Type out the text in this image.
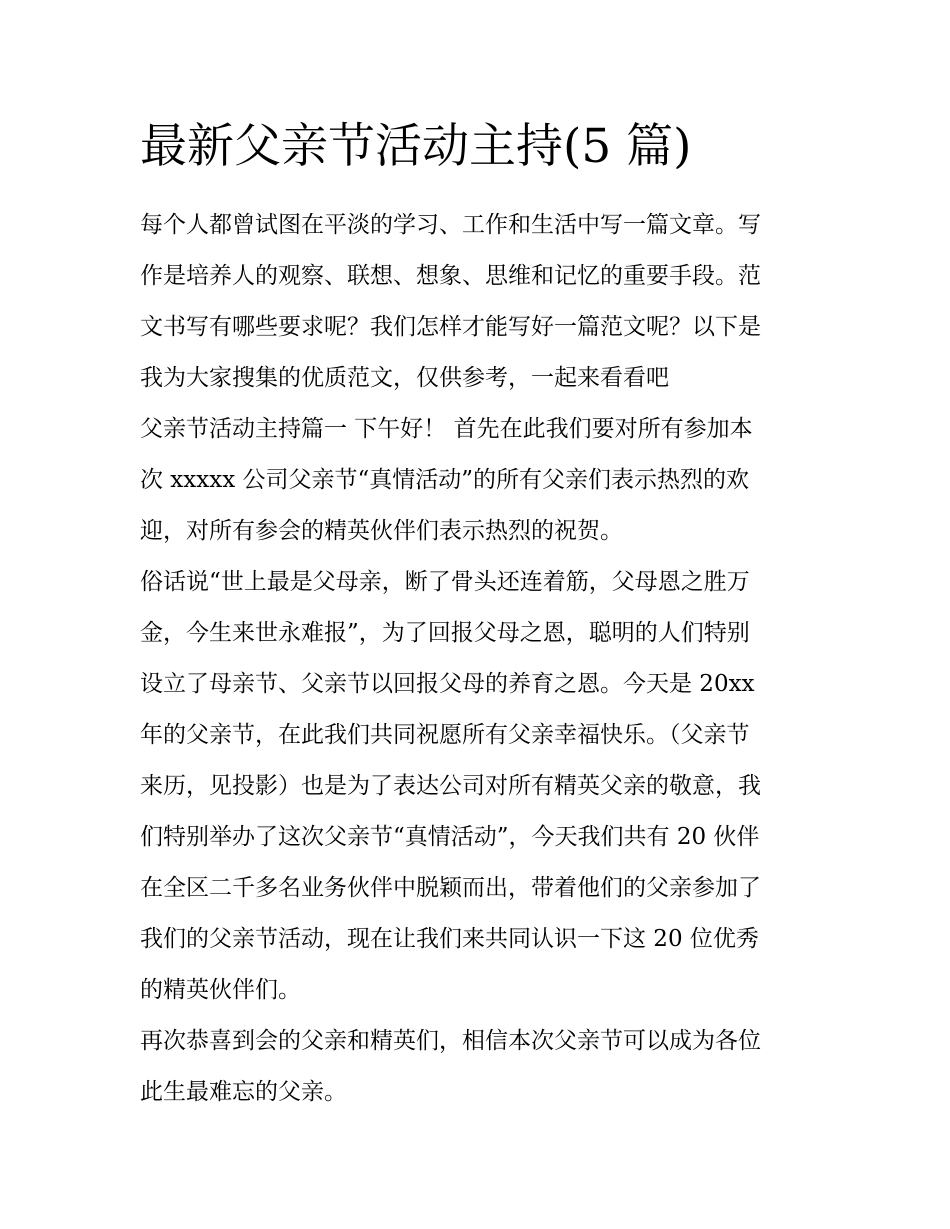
最新父亲节活动主持(5 篇)
每个人都曾试图在平淡的学习、工作和生活中写一篇文章。写
作是培养人的观察、联想、想象、思维和记忆的重要手段。范
文书写有哪些要求呢？我们怎样才能写好一篇范文呢？以下是
我为大家搜集的优质范文，仅供参考，一起来看看吧
父亲节活动主持篇一 下午好！ 首先在此我们要对所有参加本
次 xxxxx 公司父亲节“真情活动”的所有父亲们表示热烈的欢
迎，对所有参会的精英伙伴们表示热烈的祝贺。
俗话说“世上最是父母亲，断了骨头还连着筋，父母恩之胜万
金，今生来世永难报”，为了回报父母之恩，聪明的人们特别
设立了母亲节、父亲节以回报父母的养育之恩。今天是 20xx
年的父亲节，在此我们共同祝愿所有父亲幸福快乐。（父亲节
来历，见投影）也是为了表达公司对所有精英父亲的敬意，我
们特别举办了这次父亲节“真情活动”，今天我们共有 20 伙伴
在全区二千多名业务伙伴中脱颖而出，带着他们的父亲参加了
我们的父亲节活动，现在让我们来共同认识一下这 20 位优秀
的精英伙伴们。
再次恭喜到会的父亲和精英们，相信本次父亲节可以成为各位
此生最难忘的父亲。
